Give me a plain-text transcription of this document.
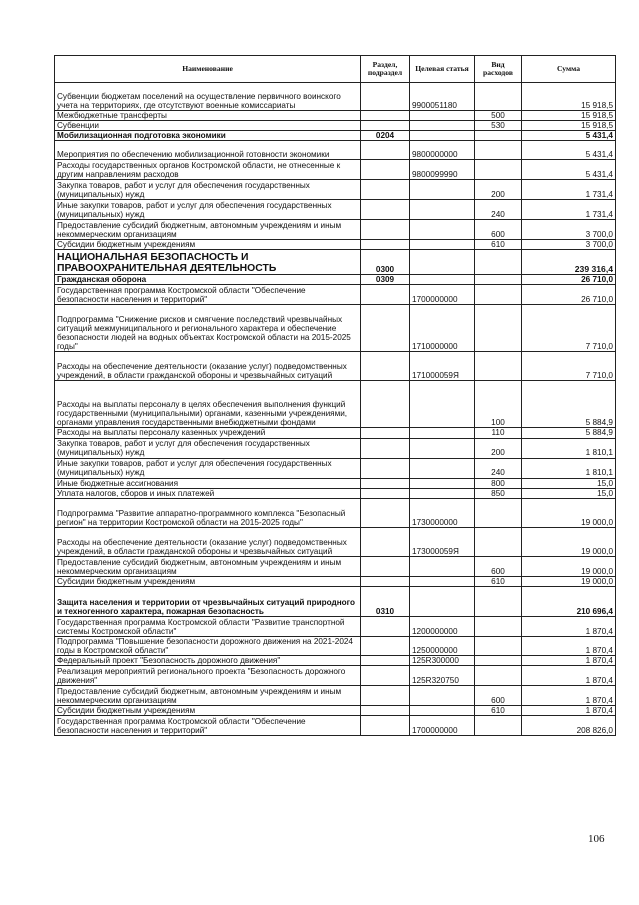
Наименование	Раздел, подраздел	Целевая статья	Вид расходов	Сумма
Субвенции бюджетам поселений на осуществление первичного воинского учета на территориях, где отсутствуют военные комиссариаты		9900051180		15 918,5
Межбюджетные трансферты			500	15 918,5
Субвенции			530	15 918,5
Мобилизационная подготовка экономики	0204			5 431,4
Мероприятия по обеспечению мобилизационной готовности экономики		9800000000		5 431,4
Расходы государственных органов Костромской области, не отнесенные к другим направлениям расходов		9800099990		5 431,4
Закупка товаров, работ и услуг для обеспечения государственных (муниципальных) нужд			200	1 731,4
Иные закупки товаров, работ и услуг для обеспечения государственных (муниципальных) нужд			240	1 731,4
Предоставление субсидий бюджетным, автономным учреждениям и иным некоммерческим организациям			600	3 700,0
Субсидии бюджетным учреждениям			610	3 700,0
НАЦИОНАЛЬНАЯ БЕЗОПАСНОСТЬ И ПРАВООХРАНИТЕЛЬНАЯ ДЕЯТЕЛЬНОСТЬ	0300			239 316,4
Гражданская оборона	0309			26 710,0
Государственная программа Костромской области "Обеспечение безопасности населения и территорий"		1700000000		26 710,0
Подпрограмма "Снижение рисков и смягчение последствий чрезвычайных ситуаций межмуниципального и регионального характера и обеспечение безопасности людей на водных объектах Костромской области на 2015-2025 годы"		1710000000		7 710,0
Расходы на обеспечение деятельности (оказание услуг) подведомственных учреждений, в области гражданской обороны и чрезвычайных ситуаций		171000059Я		7 710,0
Расходы на выплаты персоналу в целях обеспечения выполнения функций государственными (муниципальными) органами, казенными учреждениями, органами управления государственными внебюджетными фондами			100	5 884,9
Расходы на выплаты персоналу казенных учреждений			110	5 884,9
Закупка товаров, работ и услуг для обеспечения государственных (муниципальных) нужд			200	1 810,1
Иные закупки товаров, работ и услуг для обеспечения государственных (муниципальных) нужд			240	1 810,1
Иные бюджетные ассигнования			800	15,0
Уплата налогов, сборов и иных платежей			850	15,0
Подпрограмма "Развитие аппаратно-программного комплекса "Безопасный регион" на территории Костромской области на 2015-2025 годы"		1730000000		19 000,0
Расходы на обеспечение деятельности (оказание услуг) подведомственных учреждений, в области гражданской обороны и чрезвычайных ситуаций		173000059Я		19 000,0
Предоставление субсидий бюджетным, автономным учреждениям и иным некоммерческим организациям			600	19 000,0
Субсидии бюджетным учреждениям			610	19 000,0
Защита населения и территории от чрезвычайных ситуаций природного и техногенного характера, пожарная безопасность	0310			210 696,4
Государственная программа Костромской области "Развитие транспортной системы Костромской области"		1200000000		1 870,4
Подпрограмма "Повышение безопасности дорожного движения на 2021-2024 годы в Костромской области"		1250000000		1 870,4
Федеральный проект "Безопасность дорожного движения"		125R300000		1 870,4
Реализация мероприятий регионального проекта "Безопасность дорожного движения"		125R320750		1 870,4
Предоставление субсидий бюджетным, автономным учреждениям и иным некоммерческим организациям			600	1 870,4
Субсидии бюджетным учреждениям			610	1 870,4
Государственная программа Костромской области "Обеспечение безопасности населения и территорий"		1700000000		208 826,0
106
